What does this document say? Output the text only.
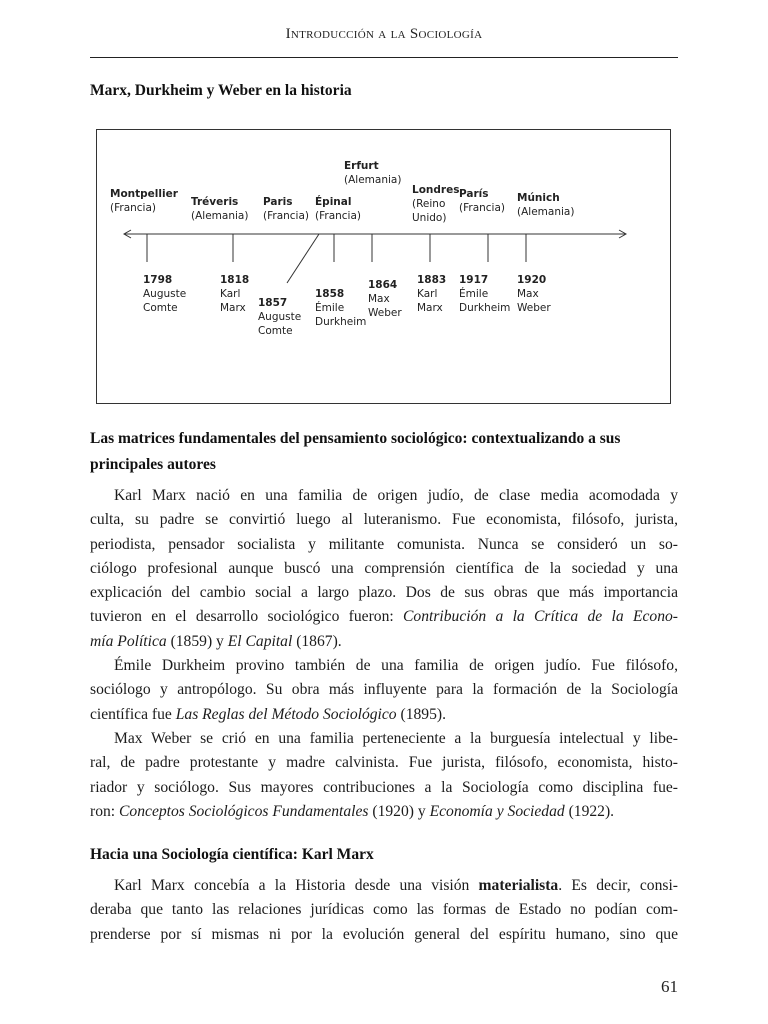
Introducción a la Sociología
Marx, Durkheim y Weber en la historia
Montpellier
(Francia)	Tréveris
(Alemania)
Paris
(Francia)
Épinal
(Francia)
Erfurt
(Alemania)
Londres
(Reino
Unido)
París
(Francia)
Múnich
(Alemania)
1798
Auguste
Comte
1818
Karl
Marx 1857
Auguste
Comte
1858
Émile
Durkheim
1864
Max
Weber
1883
Karl
Marx
1917
Émile
Durkheim
1920
Max
Weber
Las matrices fundamentales del pensamiento sociológico: contextualizando a sus principales autores
Karl Marx nació en una familia de origen judío, de clase media acomodada y
culta, su padre se convirtió luego al luteranismo. Fue economista, filósofo, jurista,
periodista, pensador socialista y militante comunista. Nunca se consideró un so-
ciólogo profesional aunque buscó una comprensión científica de la sociedad y una
explicación del cambio social a largo plazo. Dos de sus obras que más importancia
tuvieron en el desarrollo sociológico fueron: Contribución a la Crítica de la Econo-
mía Política (1859) y El Capital (1867).
Émile Durkheim provino también de una familia de origen judío. Fue filósofo,
sociólogo y antropólogo. Su obra más influyente para la formación de la Sociología
científica fue Las Reglas del Método Sociológico (1895).
Max Weber se crió en una familia perteneciente a la burguesía intelectual y libe-
ral, de padre protestante y madre calvinista. Fue jurista, filósofo, economista, histo-
riador y sociólogo. Sus mayores contribuciones a la Sociología como disciplina fue-
ron: Conceptos Sociológicos Fundamentales (1920) y Economía y Sociedad (1922).
Hacia una Sociología científica: Karl Marx
Karl Marx concebía a la Historia desde una visión materialista. Es decir, consi-
deraba que tanto las relaciones jurídicas como las formas de Estado no podían com-
prenderse por sí mismas ni por la evolución general del espíritu humano, sino que
61
